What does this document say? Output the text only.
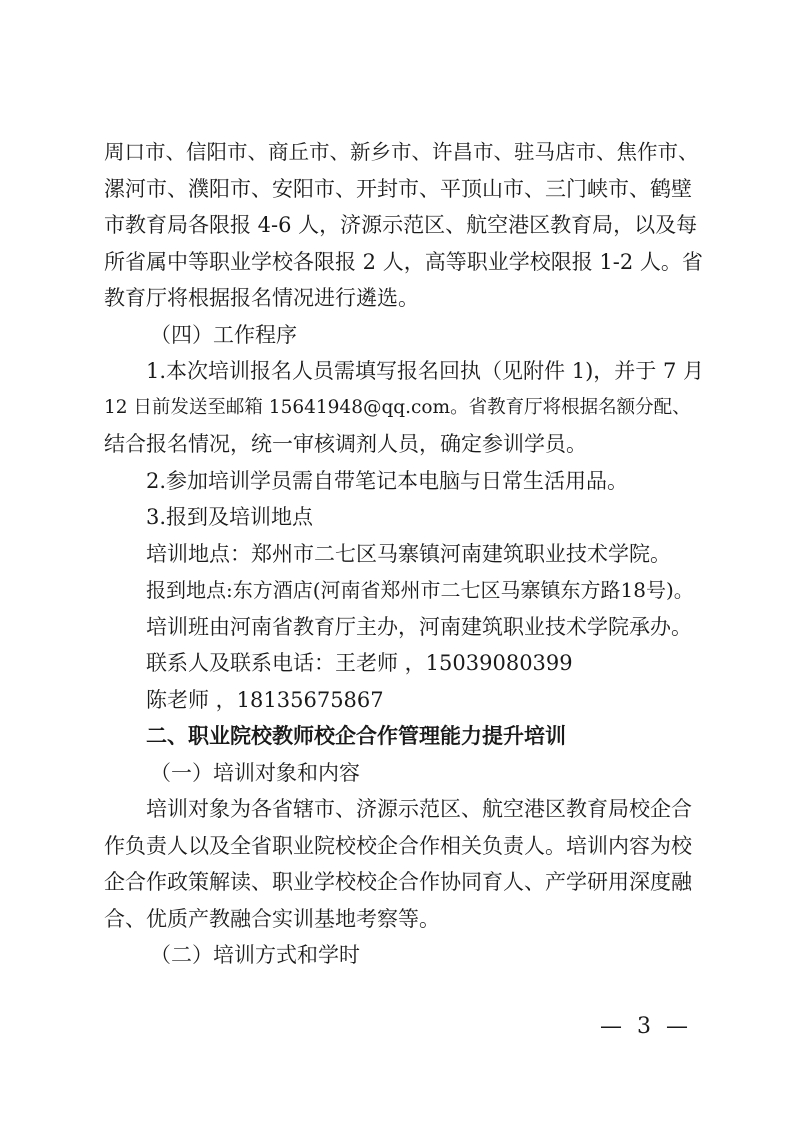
周口市、信阳市、商丘市、新乡市、许昌市、驻马店市、焦作市、

漯河市、濮阳市、安阳市、开封市、平顶山市、三门峡市、鹤壁

市教育局各限报 4-6 人，济源示范区、航空港区教育局，以及每

所省属中等职业学校各限报 2 人，高等职业学校限报 1-2 人。省

教育厅将根据报名情况进行遴选。

（四）工作程序

1.本次培训报名人员需填写报名回执（见附件 1)，并于 7 月

12 日前发送至邮箱 15641948@qq.com。省教育厅将根据名额分配、

结合报名情况，统一审核调剂人员，确定参训学员。

2.参加培训学员需自带笔记本电脑与日常生活用品。

3.报到及培训地点

培训地点：郑州市二七区马寨镇河南建筑职业技术学院。

报到地点:东方酒店(河南省郑州市二七区马寨镇东方路18号)。

培训班由河南省教育厅主办，河南建筑职业技术学院承办。

联系人及联系电话：王老师 ，15039080399

陈老师 ，18135675867

二、职业院校教师校企合作管理能力提升培训

（一）培训对象和内容

培训对象为各省辖市、济源示范区、航空港区教育局校企合

作负责人以及全省职业院校校企合作相关负责人。培训内容为校

企合作政策解读、职业学校校企合作协同育人、产学研用深度融

合、优质产教融合实训基地考察等。

（二）培训方式和学时

— 3 —
